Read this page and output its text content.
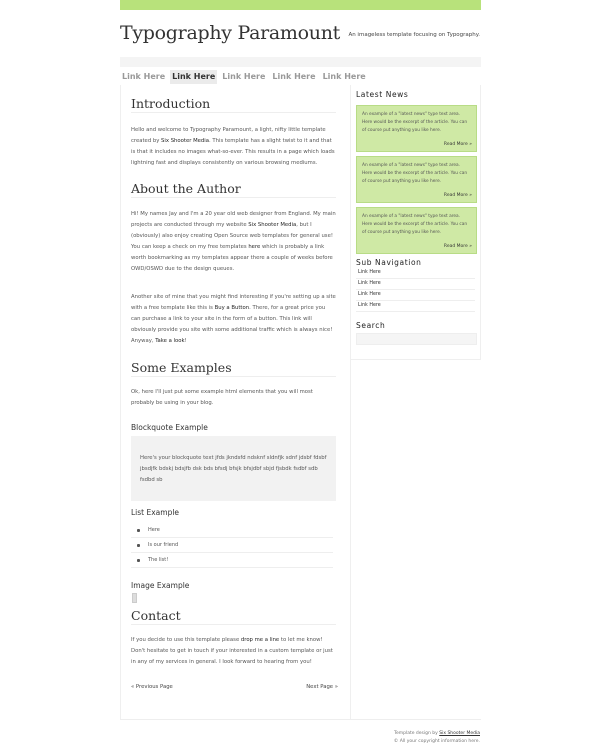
Typography Paramount	An imageless template focusing on Typography.
Link Here Link Here Link Here Link Here Link Here
Introduction
Hello and welcome to Typography Paramount, a light, nifty little template created by Six Shooter Media. This template has a slight twist to it and that is that it includes no images what-so-ever. This results in a page which loads lightning fast and displays consistently on various browsing mediums.
About the Author
Hi! My names Jay and I'm a 20 year old web designer from England. My main projects are conducted through my website Six Shooter Media, but I (obviously) also enjoy creating Open Source web templates for general use! You can keep a check on my free templates here which is probably a link worth bookmarking as my templates appear there a couple of weeks before OWD/OSWD due to the design queues.
Another site of mine that you might find interesting if you're setting up a site with a free template like this is Buy a Button. There, for a great price you can purchase a link to your site in the form of a button. This link will obviously provide you site with some additional traffic which is always nice! Anyway, Take a look!
Some Examples
Ok, here I'll just put some example html elements that you will most probably be using in your blog.
Blockquote Example
Here's your blockquote text jfds jkndsfd ndsknf sldnfjk sdnf jdsbf fdsbf jbsdjfk bdskj bdsjfb dsk bds bfsdj bfsjk bfsjdbf sbjd fjsbdk fsdbf sdb fsdbd sb
List Example
Here
Is our friend
The list!
Image Example
Contact
If you decide to use this template please drop me a line to let me know! Don't hesitate to get in touch if your interested in a custom template or just in any of my services in general. I look forward to hearing from you!
« Previous Page	Next Page »
Latest News
An example of a "latest news" type text area. Here would be the excerpt of the article. You can of course put anything you like here.
Read More »
An example of a "latest news" type text area. Here would be the excerpt of the article. You can of course put anything you like here.
Read More »
An example of a "latest news" type text area. Here would be the excerpt of the article. You can of course put anything you like here.
Read More »
Sub Navigation
Link Here
Link Here
Link Here
Link Here
Search
Template design by Six Shooter Media
© All your copyright information here.
